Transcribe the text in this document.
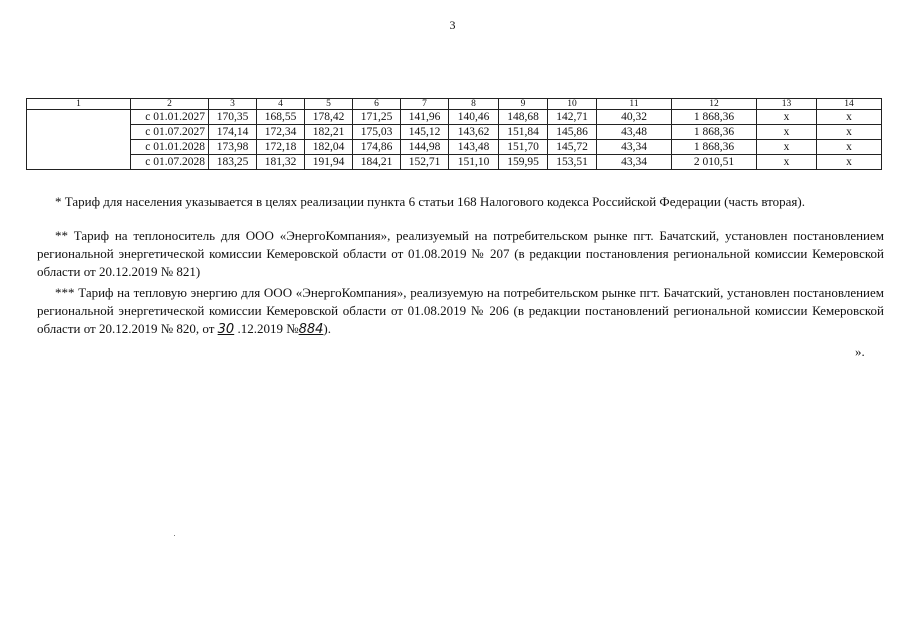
3
1	2	3	4	5	6	7	8	9	10	11	12	13	14
	с 01.01.2027	170,35	168,55	178,42	171,25	141,96	140,46	148,68	142,71	40,32	1 868,36	х	х
	с 01.07.2027	174,14	172,34	182,21	175,03	145,12	143,62	151,84	145,86	43,48	1 868,36	х	х
	с 01.01.2028	173,98	172,18	182,04	174,86	144,98	143,48	151,70	145,72	43,34	1 868,36	х	х
	с 01.07.2028	183,25	181,32	191,94	184,21	152,71	151,10	159,95	153,51	43,34	2 010,51	х	х
* Тариф для населения указывается в целях реализации пункта 6 статьи 168 Налогового кодекса Российской Федерации (часть вторая).
** Тариф на теплоноситель для ООО «ЭнергоКомпания», реализуемый на потребительском рынке пгт. Бачатский, установлен постановлением региональной энергетической комиссии Кемеровской области от 01.08.2019 № 207 (в редакции постановления региональной комиссии Кемеровской области от 20.12.2019 № 821)
*** Тариф на тепловую энергию для ООО «ЭнергоКомпания», реализуемую на потребительском рынке пгт. Бачатский, установлен постановлением региональной энергетической комиссии Кемеровской области от 01.08.2019 № 206 (в редакции постановлений региональной комиссии Кемеровской области от 20.12.2019 № 820, от 30 .12.2019 №884).
».
